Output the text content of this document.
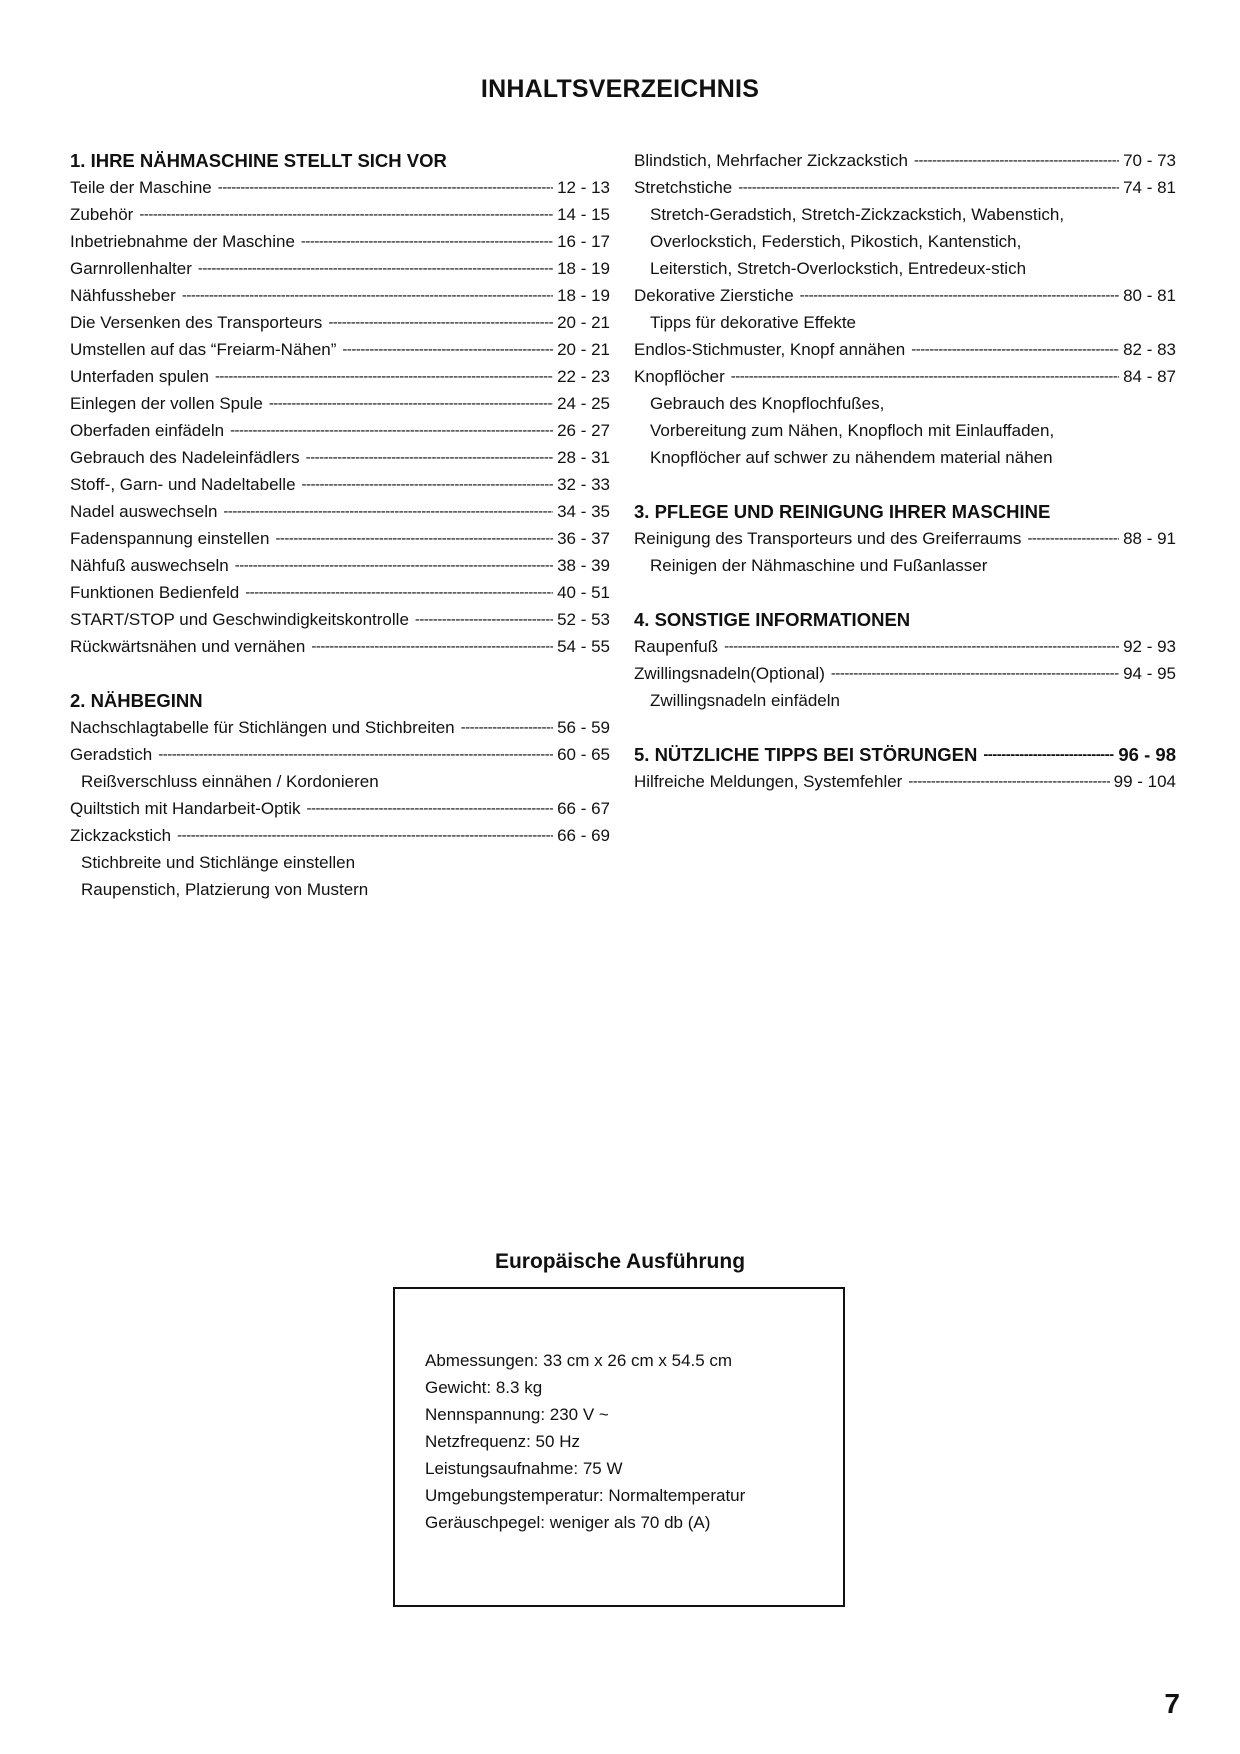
INHALTSVERZEICHNIS
1. IHRE NÄHMASCHINE STELLT SICH VOR
Teile der Maschine -----	12 - 13
Zubehör -----	14 - 15
Inbetriebnahme der Maschine -----	16 - 17
Garnrollenhalter -----	18 - 19
Nähfussheber -----	18 - 19
Die Versenken des Transporteurs -----	20 - 21
Umstellen auf das “Freiarm-Nähen” -----	20 - 21
Unterfaden spulen -----	22 - 23
Einlegen der vollen Spule -----	24 - 25
Oberfaden einfädeln -----	26 - 27
Gebrauch des Nadeleinfädlers -----	28 - 31
Stoff-, Garn- und Nadeltabelle -----	32 - 33
Nadel auswechseln -----	34 - 35
Fadenspannung einstellen -----	36 - 37
Nähfuß auswechseln -----	38 - 39
Funktionen Bedienfeld -----	40 - 51
START/STOP und Geschwindigkeitskontrolle -----	52 - 53
Rückwärtsnähen und vernähen -----	54 - 55
2. NÄHBEGINN
Nachschlagtabelle für Stichlängen und Stichbreiten -----	56 - 59
Geradstich -----	60 - 65
Reißverschluss einnähen / Kordonieren
Quiltstich mit Handarbeit-Optik -----	66 - 67
Zickzackstich -----	66 - 69
Stichbreite und Stichlänge einstellen
Raupenstich, Platzierung von Mustern
Blindstich, Mehrfacher Zickzackstich -----	70 - 73
Stretchstiche -----	74 - 81
Stretch-Geradstich, Stretch-Zickzackstich, Wabenstich,
Overlockstich, Federstich, Pikostich, Kantenstich,
Leiterstich, Stretch-Overlockstich, Entredeux-stich
Dekorative Zierstiche -----	80 - 81
Tipps für dekorative Effekte
Endlos-Stichmuster, Knopf annähen -----	82 - 83
Knopflöcher -----	84 - 87
Gebrauch des Knopflochfußes,
Vorbereitung zum Nähen, Knopfloch mit Einlauffaden,
Knopflöcher auf schwer zu nähendem material nähen
3. PFLEGE UND REINIGUNG IHRER MASCHINE
Reinigung des Transporteurs und des Greiferraums -----	88 - 91
Reinigen der Nähmaschine und Fußanlasser
4. SONSTIGE INFORMATIONEN
Raupenfuß -----	92 - 93
Zwillingsnadeln(Optional) -----	94 - 95
Zwillingsnadeln einfädeln
5. NÜTZLICHE TIPPS BEI STÖRUNGEN -----	96 - 98
Hilfreiche Meldungen, Systemfehler -----	99 - 104
Europäische Ausführung
Abmessungen: 33 cm x 26 cm x 54.5 cm
Gewicht: 8.3 kg
Nennspannung: 230 V ~
Netzfrequenz: 50 Hz
Leistungsaufnahme: 75 W
Umgebungstemperatur: Normaltemperatur
Geräuschpegel: weniger als 70 db (A)
7
